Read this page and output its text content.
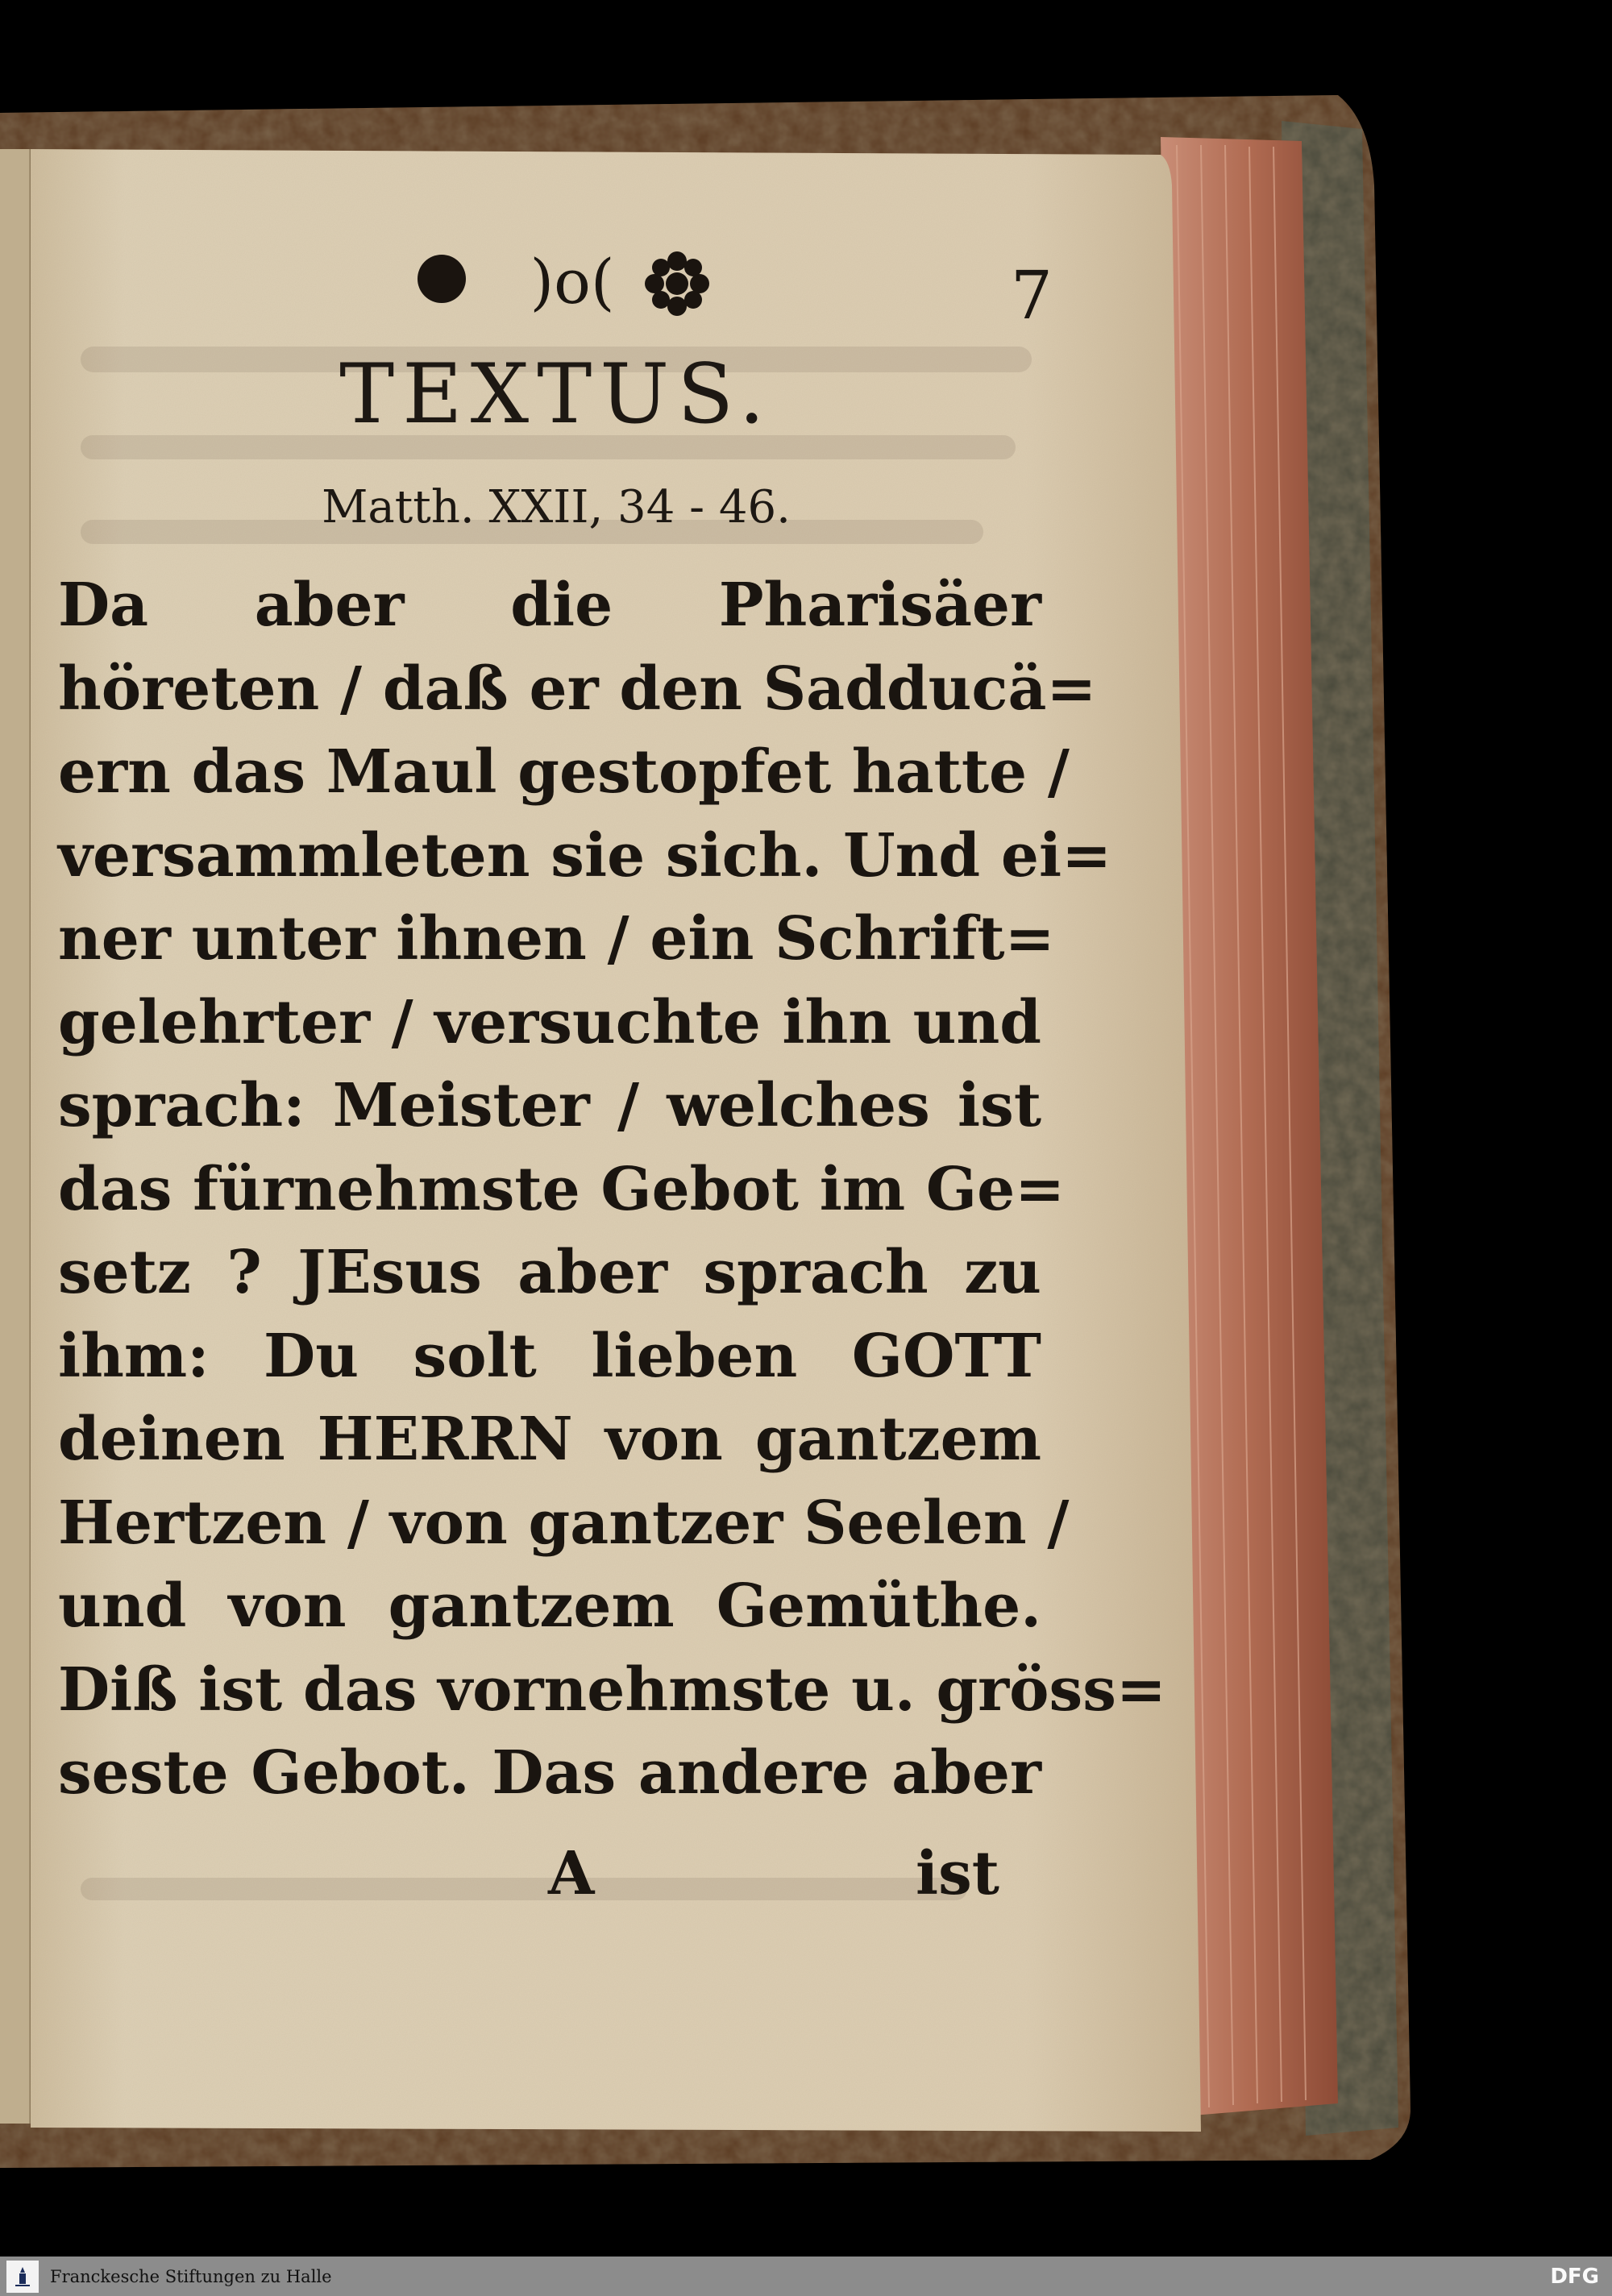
)o(	7
TEXTUS.
Matth. XXII, 34 - 46.
Da aber die Pharisäer
höreten / daß er den Sadducä=
ern das Maul gestopfet hatte /
versammleten sie sich. Und ei=
ner unter ihnen / ein Schrift=
gelehrter / versuchte ihn und
sprach: Meister / welches ist
das fürnehmste Gebot im Ge=
setz ? JEsus aber sprach zu
ihm: Du solt lieben GOTT
deinen HERRN von gantzem
Hertzen / von gantzer Seelen /
und von gantzem Gemüthe.
Diß ist das vornehmste u. gröss=
seste Gebot. Das andere aber
A	ist
Franckesche Stiftungen zu Halle	DFG
